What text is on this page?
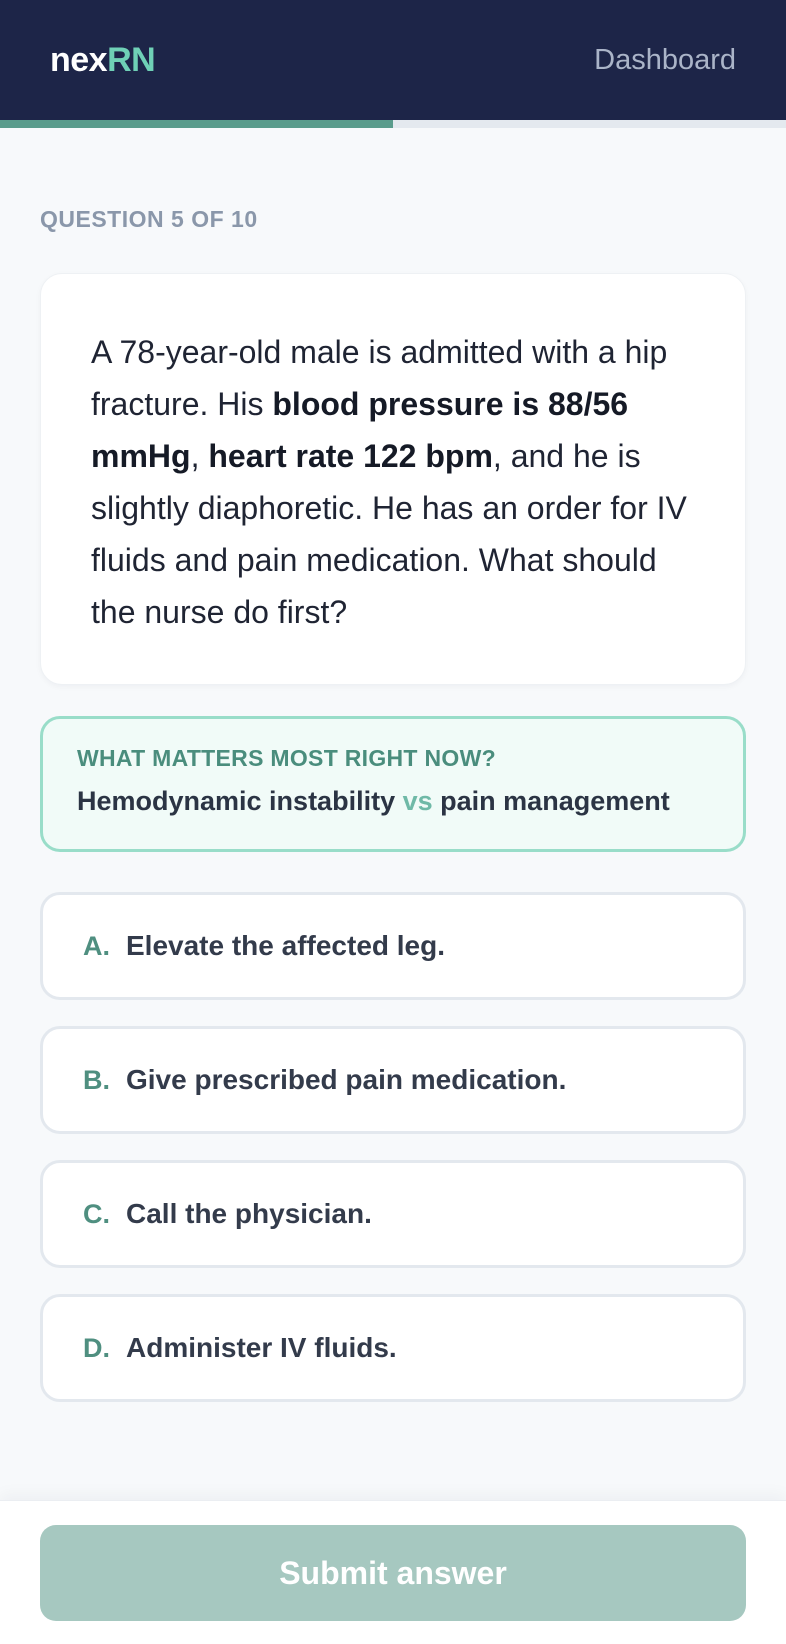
nexRN	Dashboard
QUESTION 5 OF 10

A 78-year-old male is admitted with a hip fracture. His blood pressure is 88/56 mmHg, heart rate 122 bpm, and he is slightly diaphoretic. He has an order for IV fluids and pain medication. What should the nurse do first?

WHAT MATTERS MOST RIGHT NOW?
Hemodynamic instability vs pain management
A. Elevate the affected leg.
B. Give prescribed pain medication.
C. Call the physician.
D. Administer IV fluids.
Submit answer
